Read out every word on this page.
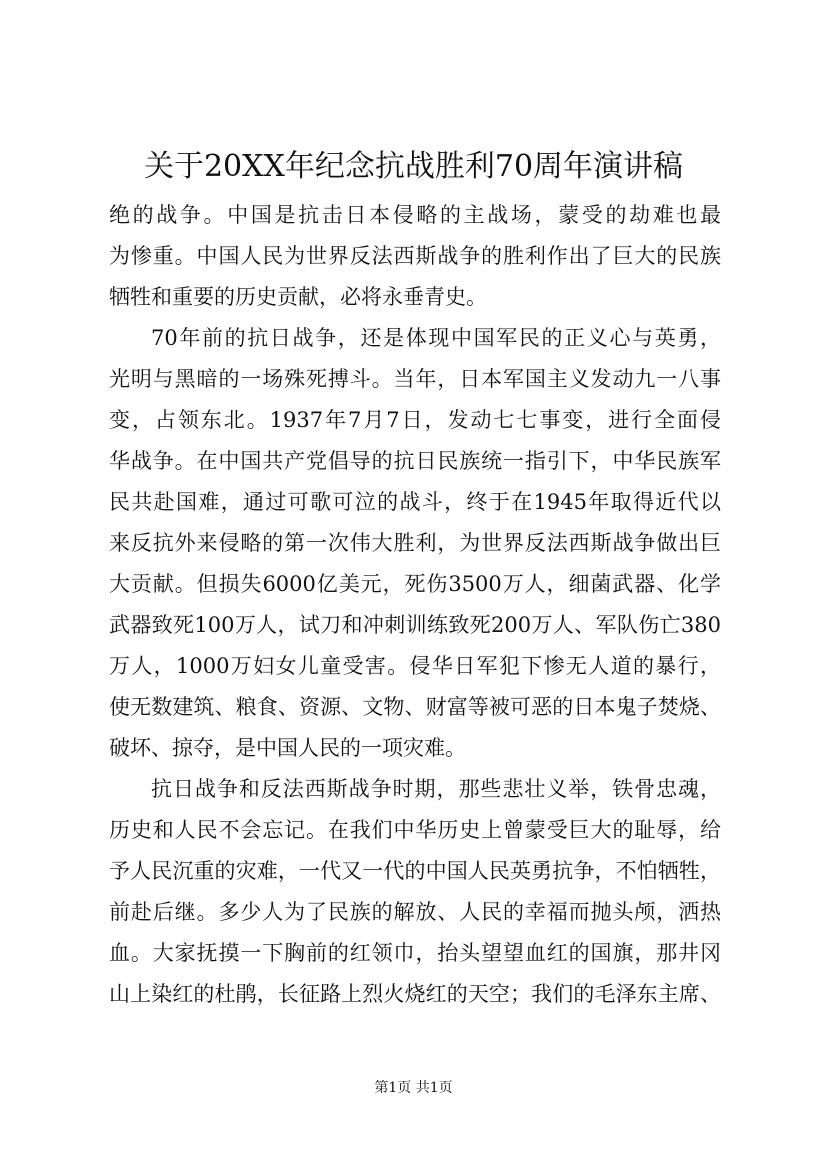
关于20XX年纪念抗战胜利70周年演讲稿
绝的战争。中国是抗击日本侵略的主战场，蒙受的劫难也最
为惨重。中国人民为世界反法西斯战争的胜利作出了巨大的民族
牺牲和重要的历史贡献，必将永垂青史。
70年前的抗日战争，还是体现中国军民的正义心与英勇，
光明与黑暗的一场殊死搏斗。当年，日本军国主义发动九一八事
变，占领东北。1937年7月7日，发动七七事变，进行全面侵
华战争。在中国共产党倡导的抗日民族统一指引下，中华民族军
民共赴国难，通过可歌可泣的战斗，终于在1945年取得近代以
来反抗外来侵略的第一次伟大胜利，为世界反法西斯战争做出巨
大贡献。但损失6000亿美元，死伤3500万人，细菌武器、化学
武器致死100万人，试刀和冲刺训练致死200万人、军队伤亡380
万人，1000万妇女儿童受害。侵华日军犯下惨无人道的暴行，
使无数建筑、粮食、资源、文物、财富等被可恶的日本鬼子焚烧、
破坏、掠夺，是中国人民的一项灾难。
抗日战争和反法西斯战争时期，那些悲壮义举，铁骨忠魂，
历史和人民不会忘记。在我们中华历史上曾蒙受巨大的耻辱，给
予人民沉重的灾难，一代又一代的中国人民英勇抗争，不怕牺牲，
前赴后继。多少人为了民族的解放、人民的幸福而抛头颅，洒热
血。大家抚摸一下胸前的红领巾，抬头望望血红的国旗，那井冈
山上染红的杜鹃，长征路上烈火烧红的天空；我们的毛泽东主席、
第1页 共1页
